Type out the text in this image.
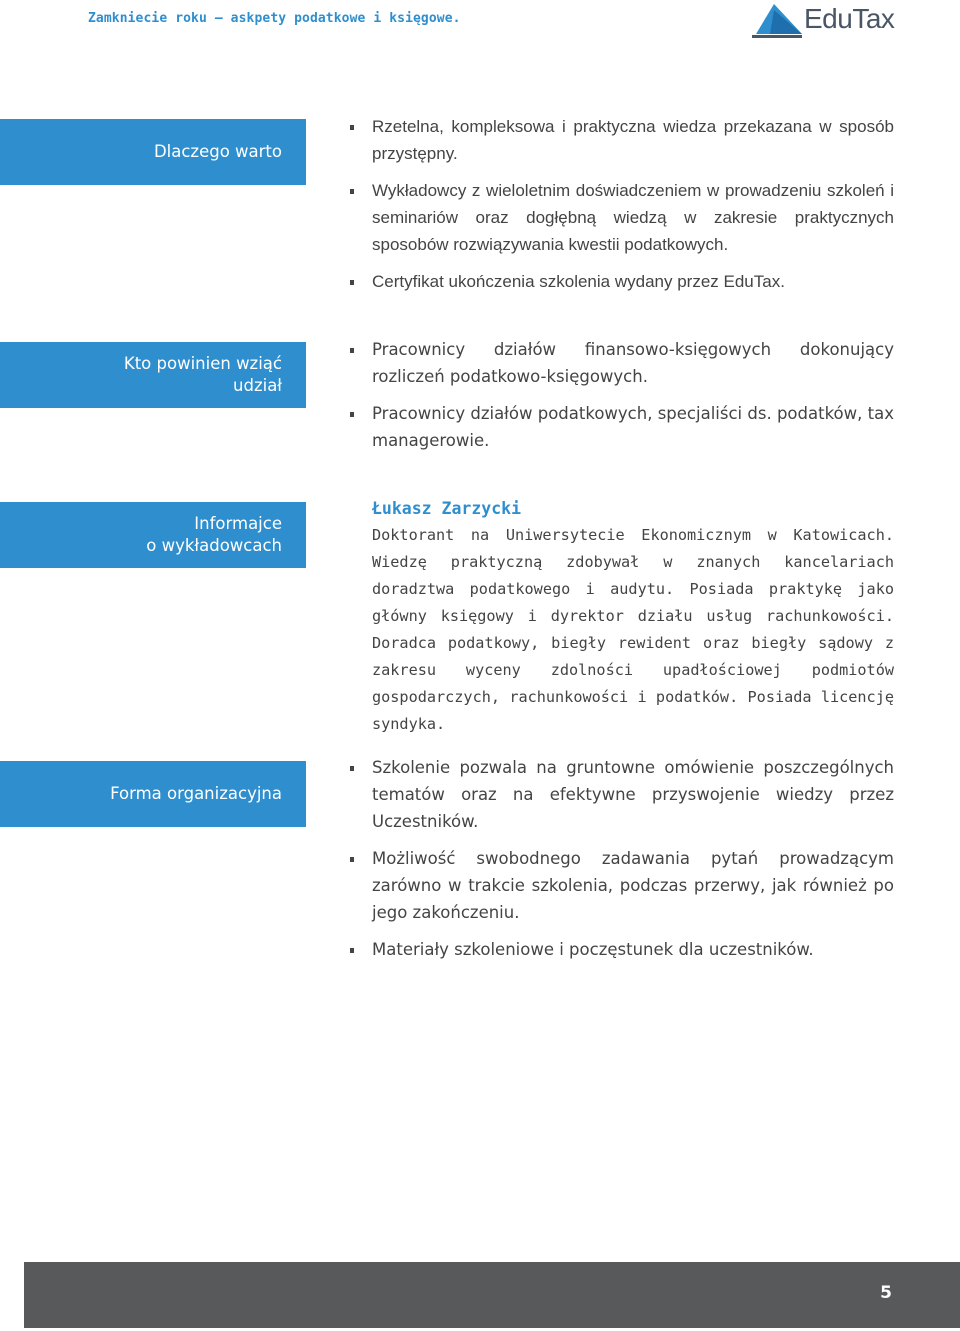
Zamkniecie roku – askpety podatkowe i księgowe.	EduTax
Dlaczego warto
Rzetelna, kompleksowa i praktyczna wiedza przekazana w sposób przystępny.
Wykładowcy z wieloletnim doświadczeniem w prowadzeniu szkoleń i seminariów oraz dogłębną wiedzą w zakresie praktycznych sposobów rozwiązywania kwestii podatkowych.
Certyfikat ukończenia szkolenia wydany przez EduTax.
Kto powinien wziąć
udział
Pracownicy działów finansowo-księgowych dokonujący rozliczeń podatkowo-księgowych.
Pracownicy działów podatkowych, specjaliści ds. podatków, tax managerowie.
Informajce
o wykładowcach
Łukasz Zarzycki
Doktorant na Uniwersytecie Ekonomicznym w Katowicach. Wiedzę praktyczną zdobywał w znanych kancelariach doradztwa podatkowego i audytu. Posiada praktykę jako główny księgowy i dyrektor działu usług rachunkowości. Doradca podatkowy, biegły rewident oraz biegły sądowy z zakresu wyceny zdolności upadłościowej podmiotów gospodarczych, rachunkowości i podatków. Posiada licencję syndyka.
Forma organizacyjna
Szkolenie pozwala na gruntowne omówienie poszczególnych tematów oraz na efektywne przyswojenie wiedzy przez Uczestników.
Możliwość swobodnego zadawania pytań prowadzącym zarówno w trakcie szkolenia, podczas przerwy, jak również po jego zakończeniu.
Materiały szkoleniowe i poczęstunek dla uczestników.
5
